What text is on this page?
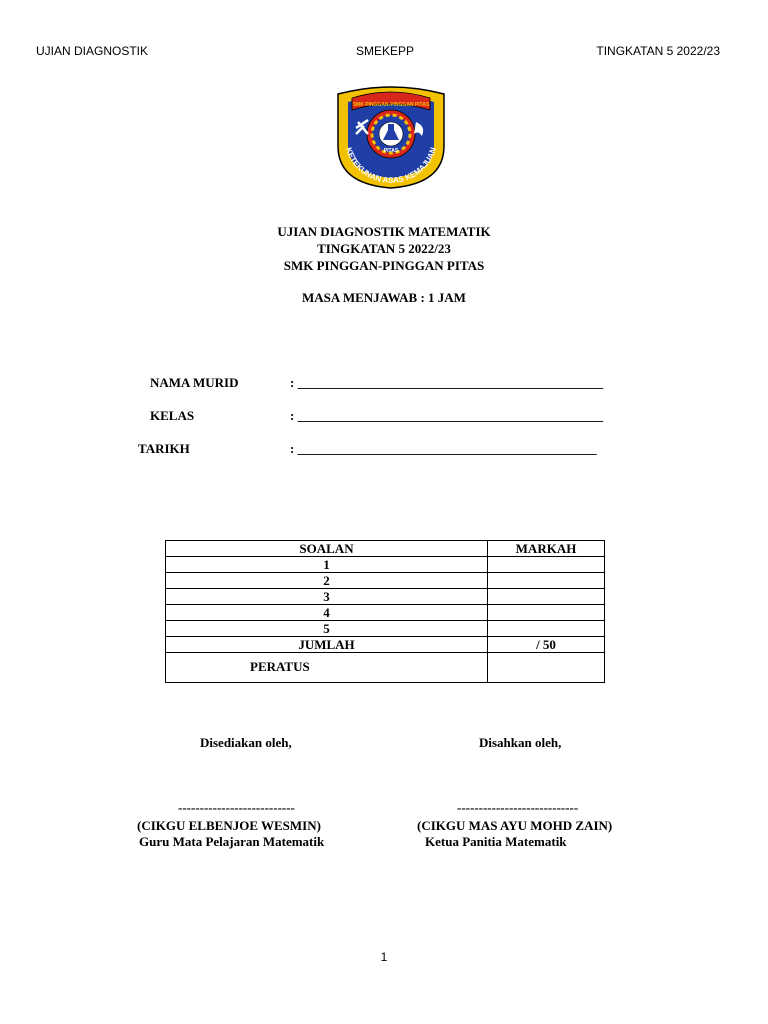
UJIAN DIAGNOSTIK	SMEKEPP	TINGKATAN 5 2022/23
SMK PINGGAN-PINGGAN PITAS
PITAS
KETEKUNAN ASAS KEMAJUAN
UJIAN DIAGNOSTIK MATEMATIK
TINGKATAN 5 2022/23
SMK PINGGAN-PINGGAN PITAS
MASA MENJAWAB : 1 JAM
NAMA MURID	: _______________________________________________
KELAS	: _______________________________________________
TARIKH	: ______________________________________________
SOALAN	MARKAH
1	
2	
3	
4	
5	
JUMLAH	/ 50
PERATUS	
Disediakan oleh,	Disahkan oleh,
---------------------------	----------------------------
(CIKGU ELBENJOE WESMIN)	(CIKGU MAS AYU MOHD ZAIN)
Guru Mata Pelajaran Matematik	Ketua Panitia Matematik
1
